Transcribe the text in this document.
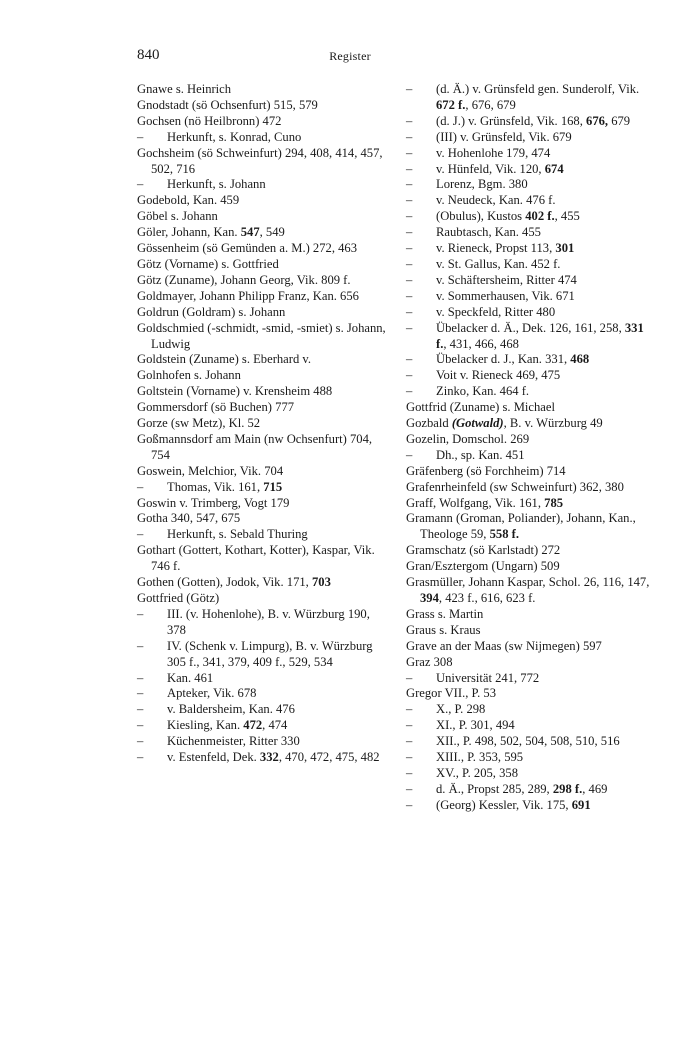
840	Register
Gnawe s. Heinrich
Gnodstadt (sö Ochsenfurt) 515, 579
Gochsen (nö Heilbronn) 472
–	Herkunft, s. Konrad, Cuno
Gochsheim (sö Schweinfurt) 294, 408, 414, 457, 502, 716
–	Herkunft, s. Johann
Godebold, Kan. 459
Göbel s. Johann
Göler, Johann, Kan. 547, 549
Gössenheim (sö Gemünden a. M.) 272, 463
Götz (Vorname) s. Gottfried
Götz (Zuname), Johann Georg, Vik. 809 f.
Goldmayer, Johann Philipp Franz, Kan. 656
Goldrun (Goldram) s. Johann
Goldschmied (-schmidt, -smid, -smiet) s. Johann, Ludwig
Goldstein (Zuname) s. Eberhard v.
Golnhofen s. Johann
Goltstein (Vorname) v. Krensheim 488
Gommersdorf (sö Buchen) 777
Gorze (sw Metz), Kl. 52
Goßmannsdorf am Main (nw Ochsenfurt) 704, 754
Goswein, Melchior, Vik. 704
–	Thomas, Vik. 161, 715
Goswin v. Trimberg, Vogt 179
Gotha 340, 547, 675
–	Herkunft, s. Sebald Thuring
Gothart (Gottert, Kothart, Kotter), Kaspar, Vik. 746 f.
Gothen (Gotten), Jodok, Vik. 171, 703
Gottfried (Götz)
–	III. (v. Hohenlohe), B. v. Würzburg 190, 378
–	IV. (Schenk v. Limpurg), B. v. Würzburg 305 f., 341, 379, 409 f., 529, 534
–	Kan. 461
–	Apteker, Vik. 678
–	v. Baldersheim, Kan. 476
–	Kiesling, Kan. 472, 474
–	Küchenmeister, Ritter 330
–	v. Estenfeld, Dek. 332, 470, 472, 475, 482
–	(d. Ä.) v. Grünsfeld gen. Sunderolf, Vik. 672 f., 676, 679
–	(d. J.) v. Grünsfeld, Vik. 168, 676, 679
–	(III) v. Grünsfeld, Vik. 679
–	v. Hohenlohe 179, 474
–	v. Hünfeld, Vik. 120, 674
–	Lorenz, Bgm. 380
–	v. Neudeck, Kan. 476 f.
–	(Obulus), Kustos 402 f., 455
–	Raubtasch, Kan. 455
–	v. Rieneck, Propst 113, 301
–	v. St. Gallus, Kan. 452 f.
–	v. Schäftersheim, Ritter 474
–	v. Sommerhausen, Vik. 671
–	v. Speckfeld, Ritter 480
–	Übelacker d. Ä., Dek. 126, 161, 258, 331 f., 431, 466, 468
–	Übelacker d. J., Kan. 331, 468
–	Voit v. Rieneck 469, 475
–	Zinko, Kan. 464 f.
Gottfrid (Zuname) s. Michael
Gozbald (Gotwald), B. v. Würzburg 49
Gozelin, Domschol. 269
–	Dh., sp. Kan. 451
Gräfenberg (sö Forchheim) 714
Grafenrheinfeld (sw Schweinfurt) 362, 380
Graff, Wolfgang, Vik. 161, 785
Gramann (Groman, Poliander), Johann, Kan., Theologe 59, 558 f.
Gramschatz (sö Karlstadt) 272
Gran/Esztergom (Ungarn) 509
Grasmüller, Johann Kaspar, Schol. 26, 116, 147, 394, 423 f., 616, 623 f.
Grass s. Martin
Graus s. Kraus
Grave an der Maas (sw Nijmegen) 597
Graz 308
–	Universität 241, 772
Gregor VII., P. 53
–	X., P. 298
–	XI., P. 301, 494
–	XII., P. 498, 502, 504, 508, 510, 516
–	XIII., P. 353, 595
–	XV., P. 205, 358
–	d. Ä., Propst 285, 289, 298 f., 469
–	(Georg) Kessler, Vik. 175, 691
